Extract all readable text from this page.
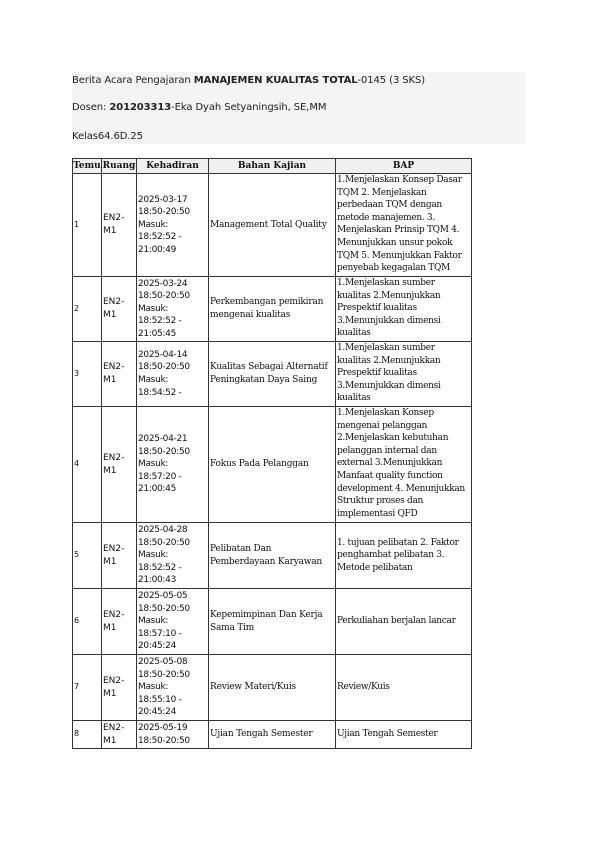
Berita Acara Pengajaran MANAJEMEN KUALITAS TOTAL-0145 (3 SKS)
Dosen: 201203313-Eka Dyah Setyaningsih, SE,MM
Kelas64.6D.25
Temu	Ruang	Kehadiran	Bahan Kajian	BAP
1	EN2-M1	2025-03-17 18:50-20:50 Masuk: 18:52:52 - 21:00:49	Management Total Quality	1.Menjelaskan Konsep Dasar TQM 2. Menjelaskan perbedaan TQM dengan metode manajemen. 3. Menjelaskan Prinsip TQM 4. Menunjukkan unsur pokok TQM 5. Menunjukkan Faktor penyebab kegagalan TQM
2	EN2-M1	2025-03-24 18:50-20:50 Masuk: 18:52:52 - 21:05:45	Perkembangan pemikiran mengenai kualitas	1.Menjelaskan sumber kualitas 2.Menunjukkan Prespektif kualitas 3.Menunjukkan dimensi kualitas
3	EN2-M1	2025-04-14 18:50-20:50 Masuk: 18:54:52 -	Kualitas Sebagai Alternatif Peningkatan Daya Saing	1.Menjelaskan sumber kualitas 2.Menunjukkan Prespektif kualitas 3.Menunjukkan dimensi kualitas
4	EN2-M1	2025-04-21 18:50-20:50 Masuk: 18:57:20 - 21:00:45	Fokus Pada Pelanggan	1.Menjelaskan Konsep mengenai pelanggan 2.Menjelaskan kebutuhan pelanggan internal dan external 3.Menunjukkan Manfaat quality function development 4. Menunjukkan Struktur proses dan implementasi QFD
5	EN2-M1	2025-04-28 18:50-20:50 Masuk: 18:52:52 - 21:00:43	Pelibatan Dan Pemberdayaan Karyawan	1. tujuan pelibatan 2. Faktor penghambat pelibatan 3. Metode pelibatan
6	EN2-M1	2025-05-05 18:50-20:50 Masuk: 18:57:10 - 20:45:24	Kepemimpinan Dan Kerja Sama Tim	Perkuliahan berjalan lancar
7	EN2-M1	2025-05-08 18:50-20:50 Masuk: 18:55:10 - 20:45:24	Review Materi/Kuis	Review/Kuis
8	EN2-M1	2025-05-19 18:50-20:50	Ujian Tengah Semester	Ujian Tengah Semester
